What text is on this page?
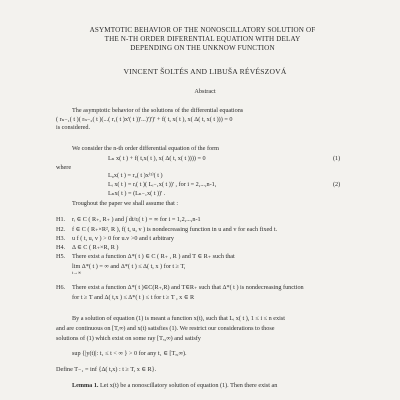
ASYMTOTIC BEHAVIOR OF THE NONOSCILLATORY SOLUTION OF
THE N-TH ORDER DIFERENTIAL EQUATION WITH DELAY
DEPENDING ON THE UNKNOW FUNCTION
VINCENT ŠOLTÉS AND LIBUŠA RÉVÉSZOVÁ
Abstract
The asymptotic behavior of the solutions of the differential equations
( rₙ₋₁( t )( rₙ₋₂( t )(...( r₁( t )x'( t ))'...)')')' + f( t, x( t ), x( Δ( t, x( t ))) = 0
is considered.
We consider the n-th order differential equation of the form
Lₙ x( t ) + f( t,x( t ), x( Δ( t, x( t )))) = 0	(1)
where
L₀x( t ) = r₀( t )x⁽¹⁾( t )
Lᵢ x( t ) = rᵢ( t )( Lᵢ₋₁x( t ))' , for i = 2,...,n-1,	(2)
Lₙx( t ) = (Lₙ₋₁x( t ))' .
Troughout the paper we shall assume that :
H1. rᵢ ∈ C ( R₊, R₊ ) and ∫ dt/rᵢ( t ) = ∞ for i = 1,2,...,n-1
H2. f ∈ C ( R₊×R², R ), f( t, u, v ) is nondecreasing function in u and v for each fixed t.
H3. u f ( t, u, v ) > 0 for u.v >0 and t arbitrary
H4. Δ ∈ C ( R₊×R, R )
H5. There exist a function Δ*( t ) ∈ C ( R₊ , R ) and T ∈ R₊ such that
lim Δ*( t ) = ∞ and Δ*( t ) ≤ Δ( t, x ) for t ≥ T,
t→∞
H6. There exist a function Δ*( t )∈C(R₊,R) and T∈R₊ such that Δ*( t ) is nondecreasing function
for t ≥ T and Δ( t,x ) ≤ Δ*( t ) ≤ t for t ≥ T , x ∈ R
By a solution of equation (1) is meant a function x(t), such that Lᵢ x( t ), 1 ≤ i ≤ n exist
and are continuous on [T,∞) and x(t) satisfies (1). We restrict our considerations to those
solutions of (1) which exist on some ray [Tₓ,∞) and satisfy
sup {|y(t)|: t₁ ≤ t < ∞ } > 0 for any t₁ ∈ [Tₓ,∞).
Define T₋₁ = inf {Δ( t,x) : t ≥ T, x ∈ R}.
Lemma 1. Let x(t) be a nonoscillatory solution of equation (1). Then there exist an
